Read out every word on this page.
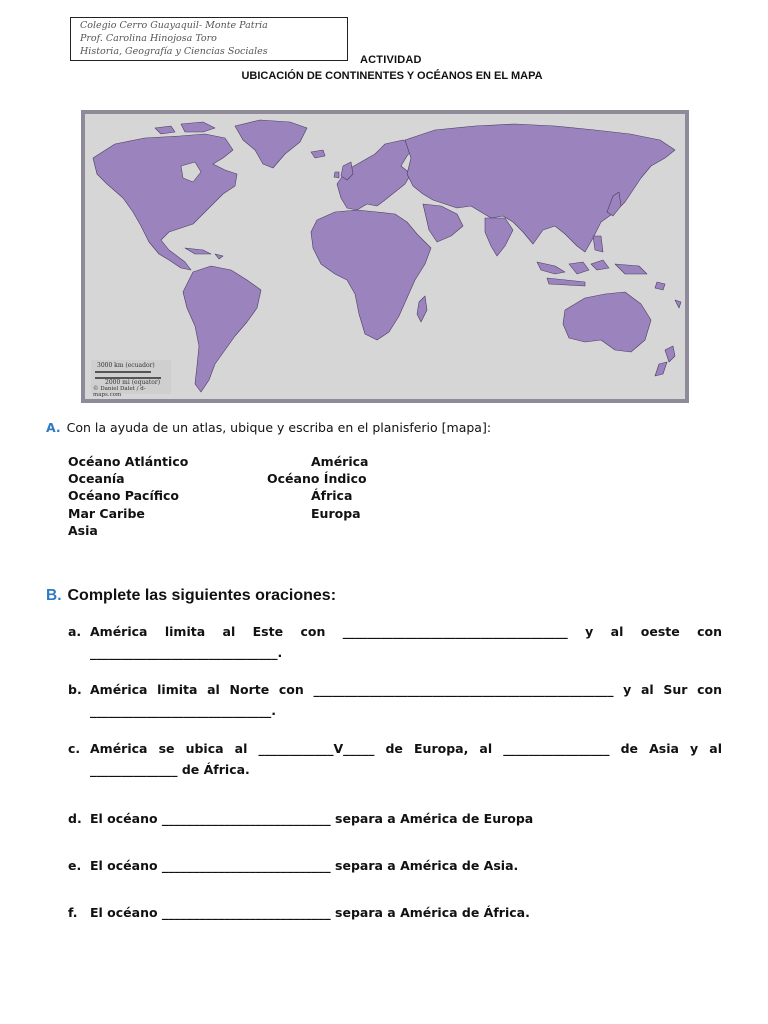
Colegio Cerro Guayaquil- Monte Patria
Prof. Carolina Hinojosa Toro
Historia, Geografía y Ciencias Sociales
ACTIVIDAD
UBICACIÓN DE CONTINENTES Y OCÉANOS EN EL MAPA
3000 km (ecuador)
2000 mi (equator)
© Daniel Dalet / d-maps.com
A. Con la ayuda de un atlas, ubique y escriba en el planisferio [mapa]:
Océano Atlántico
Oceanía
Océano Pacífico
Mar Caribe
Asia
América
Océano Índico
África
Europa
B. Complete las siguientes oraciones:
a. América limita al Este con ____________________________________ y al oeste con ______________________________.
b. América limita al Norte con ________________________________________________ y al Sur con _____________________________.
c. América se ubica al ____________V_____ de Europa, al _________________ de Asia y al ______________ de África.
d. El océano ___________________________ separa a América de Europa
e. El océano ___________________________ separa a América de Asia.
f. El océano ___________________________ separa a América de África.
